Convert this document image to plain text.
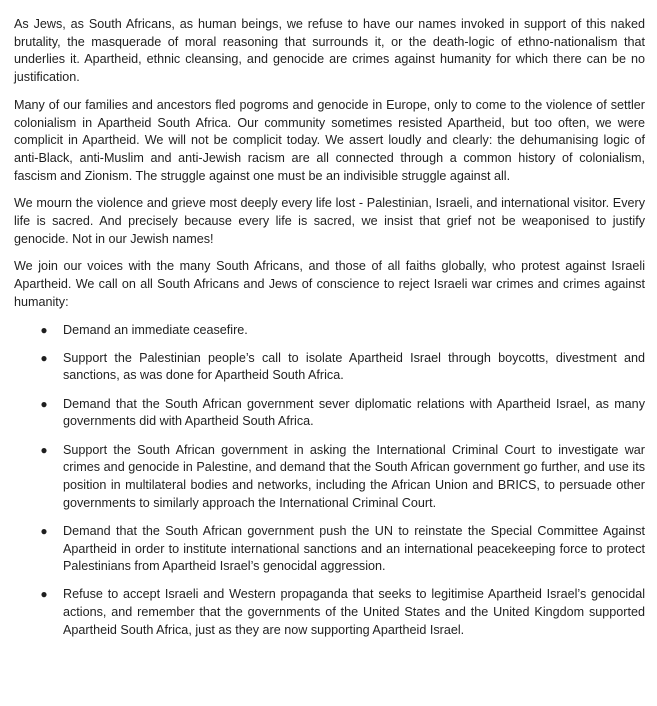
As Jews, as South Africans, as human beings, we refuse to have our names invoked in support of this naked brutality, the masquerade of moral reasoning that surrounds it, or the death-logic of ethno-nationalism that underlies it. Apartheid, ethnic cleansing, and genocide are crimes against humanity for which there can be no justification.

Many of our families and ancestors fled pogroms and genocide in Europe, only to come to the violence of settler colonialism in Apartheid South Africa. Our community sometimes resisted Apartheid, but too often, we were complicit in Apartheid. We will not be complicit today. We assert loudly and clearly: the dehumanising logic of anti-Black, anti-Muslim and anti-Jewish racism are all connected through a common history of colonialism, fascism and Zionism. The struggle against one must be an indivisible struggle against all.

We mourn the violence and grieve most deeply every life lost - Palestinian, Israeli, and international visitor. Every life is sacred. And precisely because every life is sacred, we insist that grief not be weaponised to justify genocide. Not in our Jewish names!

We join our voices with the many South Africans, and those of all faiths globally, who protest against Israeli Apartheid. We call on all South Africans and Jews of conscience to reject Israeli war crimes and crimes against humanity:

● Demand an immediate ceasefire.
● Support the Palestinian people’s call to isolate Apartheid Israel through boycotts, divestment and sanctions, as was done for Apartheid South Africa.
● Demand that the South African government sever diplomatic relations with Apartheid Israel, as many governments did with Apartheid South Africa.
● Support the South African government in asking the International Criminal Court to investigate war crimes and genocide in Palestine, and demand that the South African government go further, and use its position in multilateral bodies and networks, including the African Union and BRICS, to persuade other governments to similarly approach the International Criminal Court.
● Demand that the South African government push the UN to reinstate the Special Committee Against Apartheid in order to institute international sanctions and an international peacekeeping force to protect Palestinians from Apartheid Israel’s genocidal aggression.
● Refuse to accept Israeli and Western propaganda that seeks to legitimise Apartheid Israel’s genocidal actions, and remember that the governments of the United States and the United Kingdom supported Apartheid South Africa, just as they are now supporting Apartheid Israel.
